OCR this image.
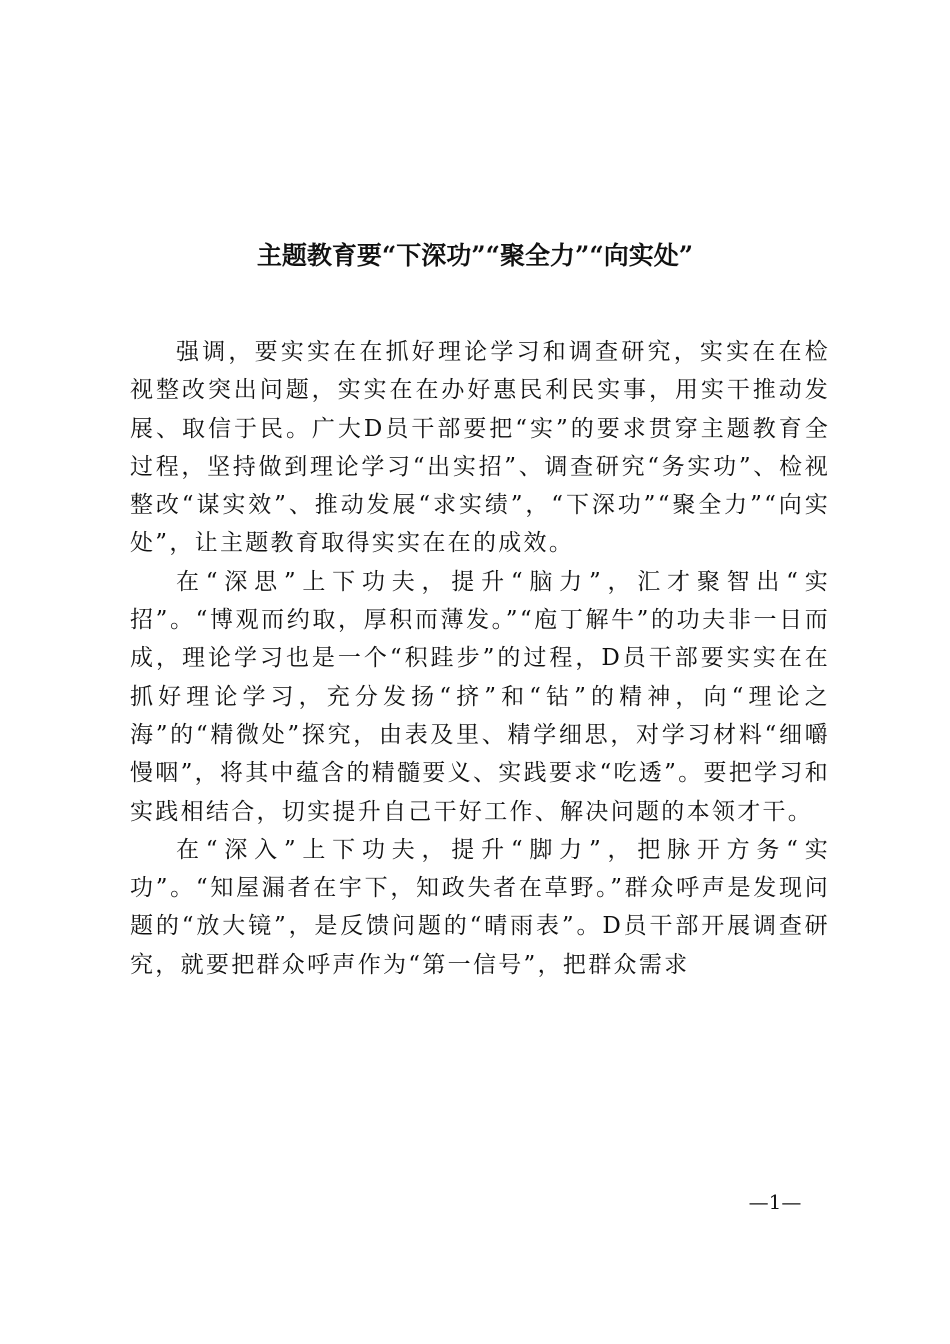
主题教育要“下深功”“聚全力”“向实处”

强调，要实实在在抓好理论学习和调查研究，实实在在检视整改突出问题，实实在在办好惠民利民实事，用实干推动发展、取信于民。广大D员干部要把“实”的要求贯穿主题教育全过程，坚持做到理论学习“出实招”、调查研究“务实功”、检视整改“谋实效”、推动发展“求实绩”，“下深功”“聚全力”“向实处”，让主题教育取得实实在在的成效。

在“深思”上下功夫，提升“脑力”，汇才聚智出“实招”。“博观而约取，厚积而薄发。”“庖丁解牛”的功夫非一日而成，理论学习也是一个“积跬步”的过程，D员干部要实实在在抓好理论学习，充分发扬“挤”和“钻”的精神，向“理论之海”的“精微处”探究，由表及里、精学细思，对学习材料“细嚼慢咽”，将其中蕴含的精髓要义、实践要求“吃透”。要把学习和实践相结合，切实提升自己干好工作、解决问题的本领才干。

在“深入”上下功夫，提升“脚力”，把脉开方务“实功”。“知屋漏者在宇下，知政失者在草野。”群众呼声是发现问题的“放大镜”，是反馈问题的“晴雨表”。D员干部开展调查研究，就要把群众呼声作为“第一信号”，把群众需求

—1—
